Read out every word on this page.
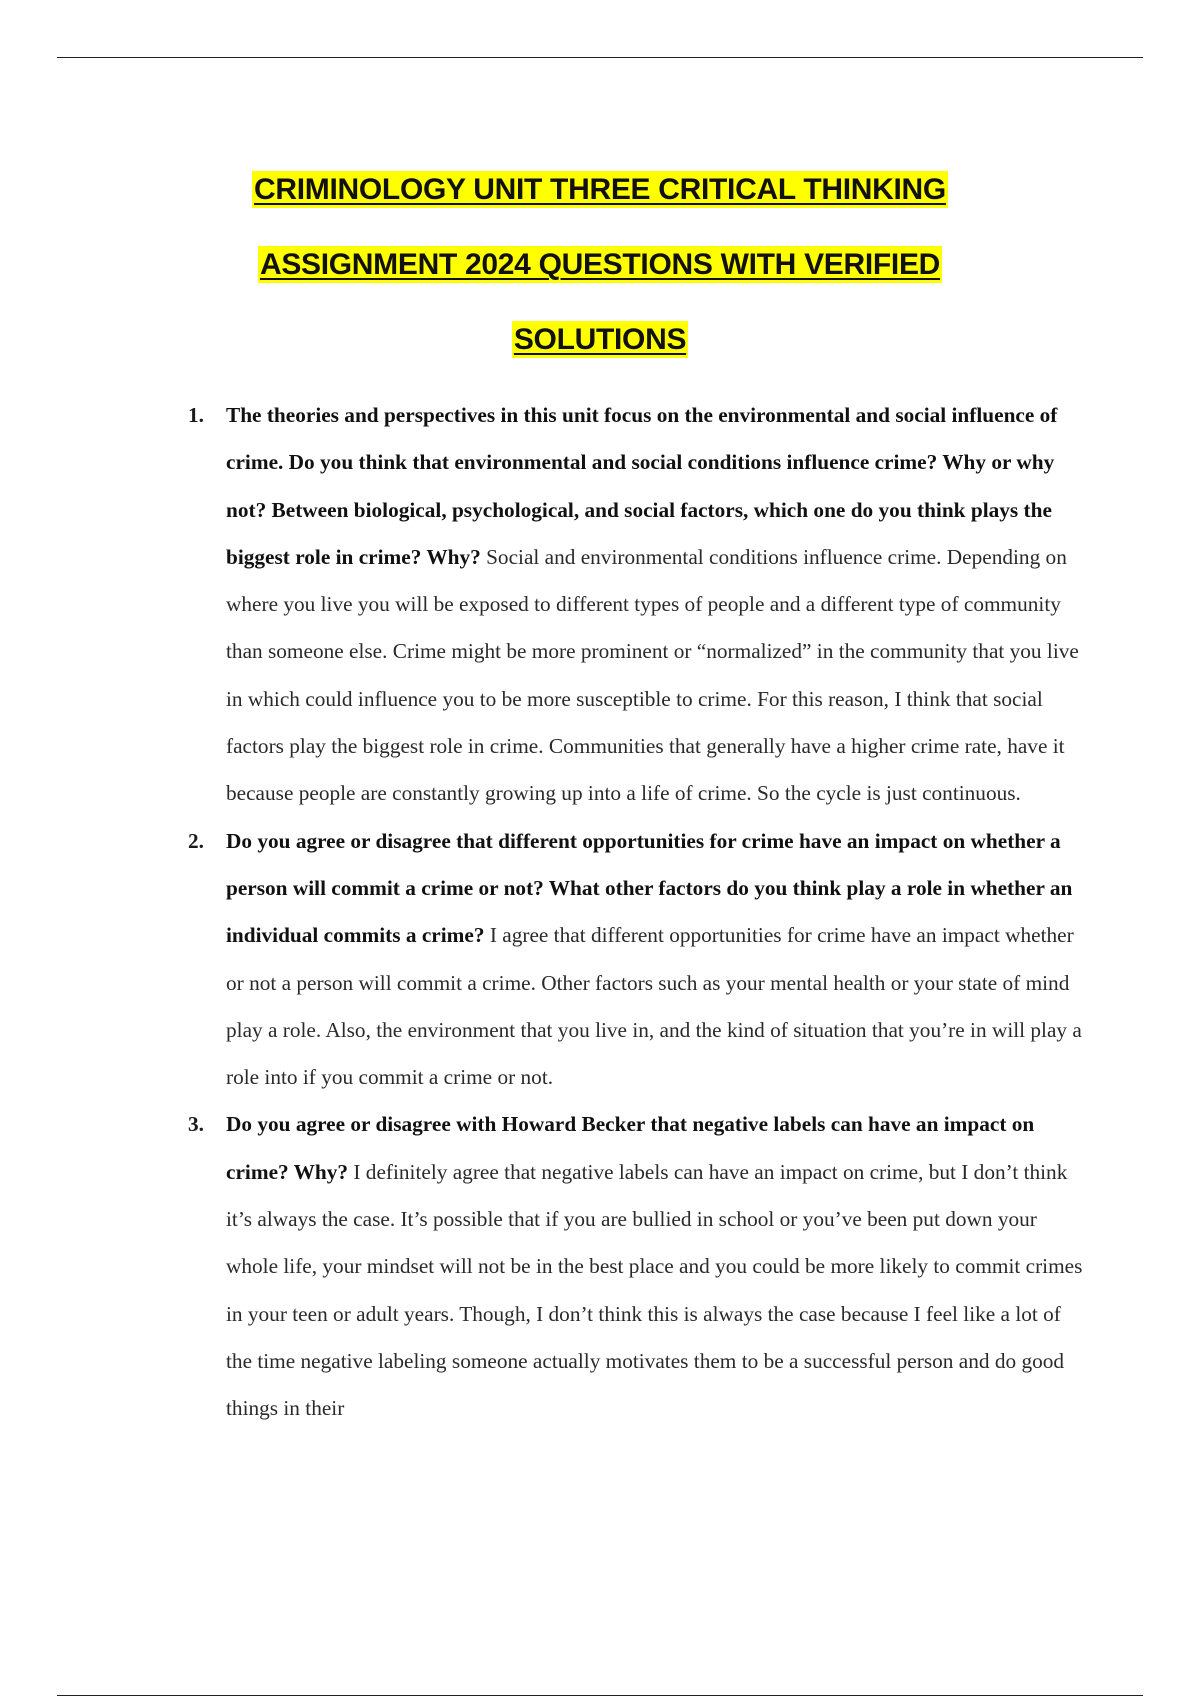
CRIMINOLOGY UNIT THREE CRITICAL THINKING
ASSIGNMENT 2024 QUESTIONS WITH VERIFIED
SOLUTIONS
1. The theories and perspectives in this unit focus on the environmental and social influence of crime. Do you think that environmental and social conditions influence crime? Why or why not? Between biological, psychological, and social factors, which one do you think plays the biggest role in crime? Why? Social and environmental conditions influence crime. Depending on where you live you will be exposed to different types of people and a different type of community than someone else. Crime might be more prominent or “normalized” in the community that you live in which could influence you to be more susceptible to crime. For this reason, I think that social factors play the biggest role in crime. Communities that generally have a higher crime rate, have it because people are constantly growing up into a life of crime. So the cycle is just continuous.
2. Do you agree or disagree that different opportunities for crime have an impact on whether a person will commit a crime or not? What other factors do you think play a role in whether an individual commits a crime? I agree that different opportunities for crime have an impact whether or not a person will commit a crime. Other factors such as your mental health or your state of mind play a role. Also, the environment that you live in, and the kind of situation that you’re in will play a role into if you commit a crime or not.
3. Do you agree or disagree with Howard Becker that negative labels can have an impact on crime? Why? I definitely agree that negative labels can have an impact on crime, but I don’t think it’s always the case. It’s possible that if you are bullied in school or you’ve been put down your whole life, your mindset will not be in the best place and you could be more likely to commit crimes in your teen or adult years. Though, I don’t think this is always the case because I feel like a lot of the time negative labeling someone actually motivates them to be a successful person and do good things in their
